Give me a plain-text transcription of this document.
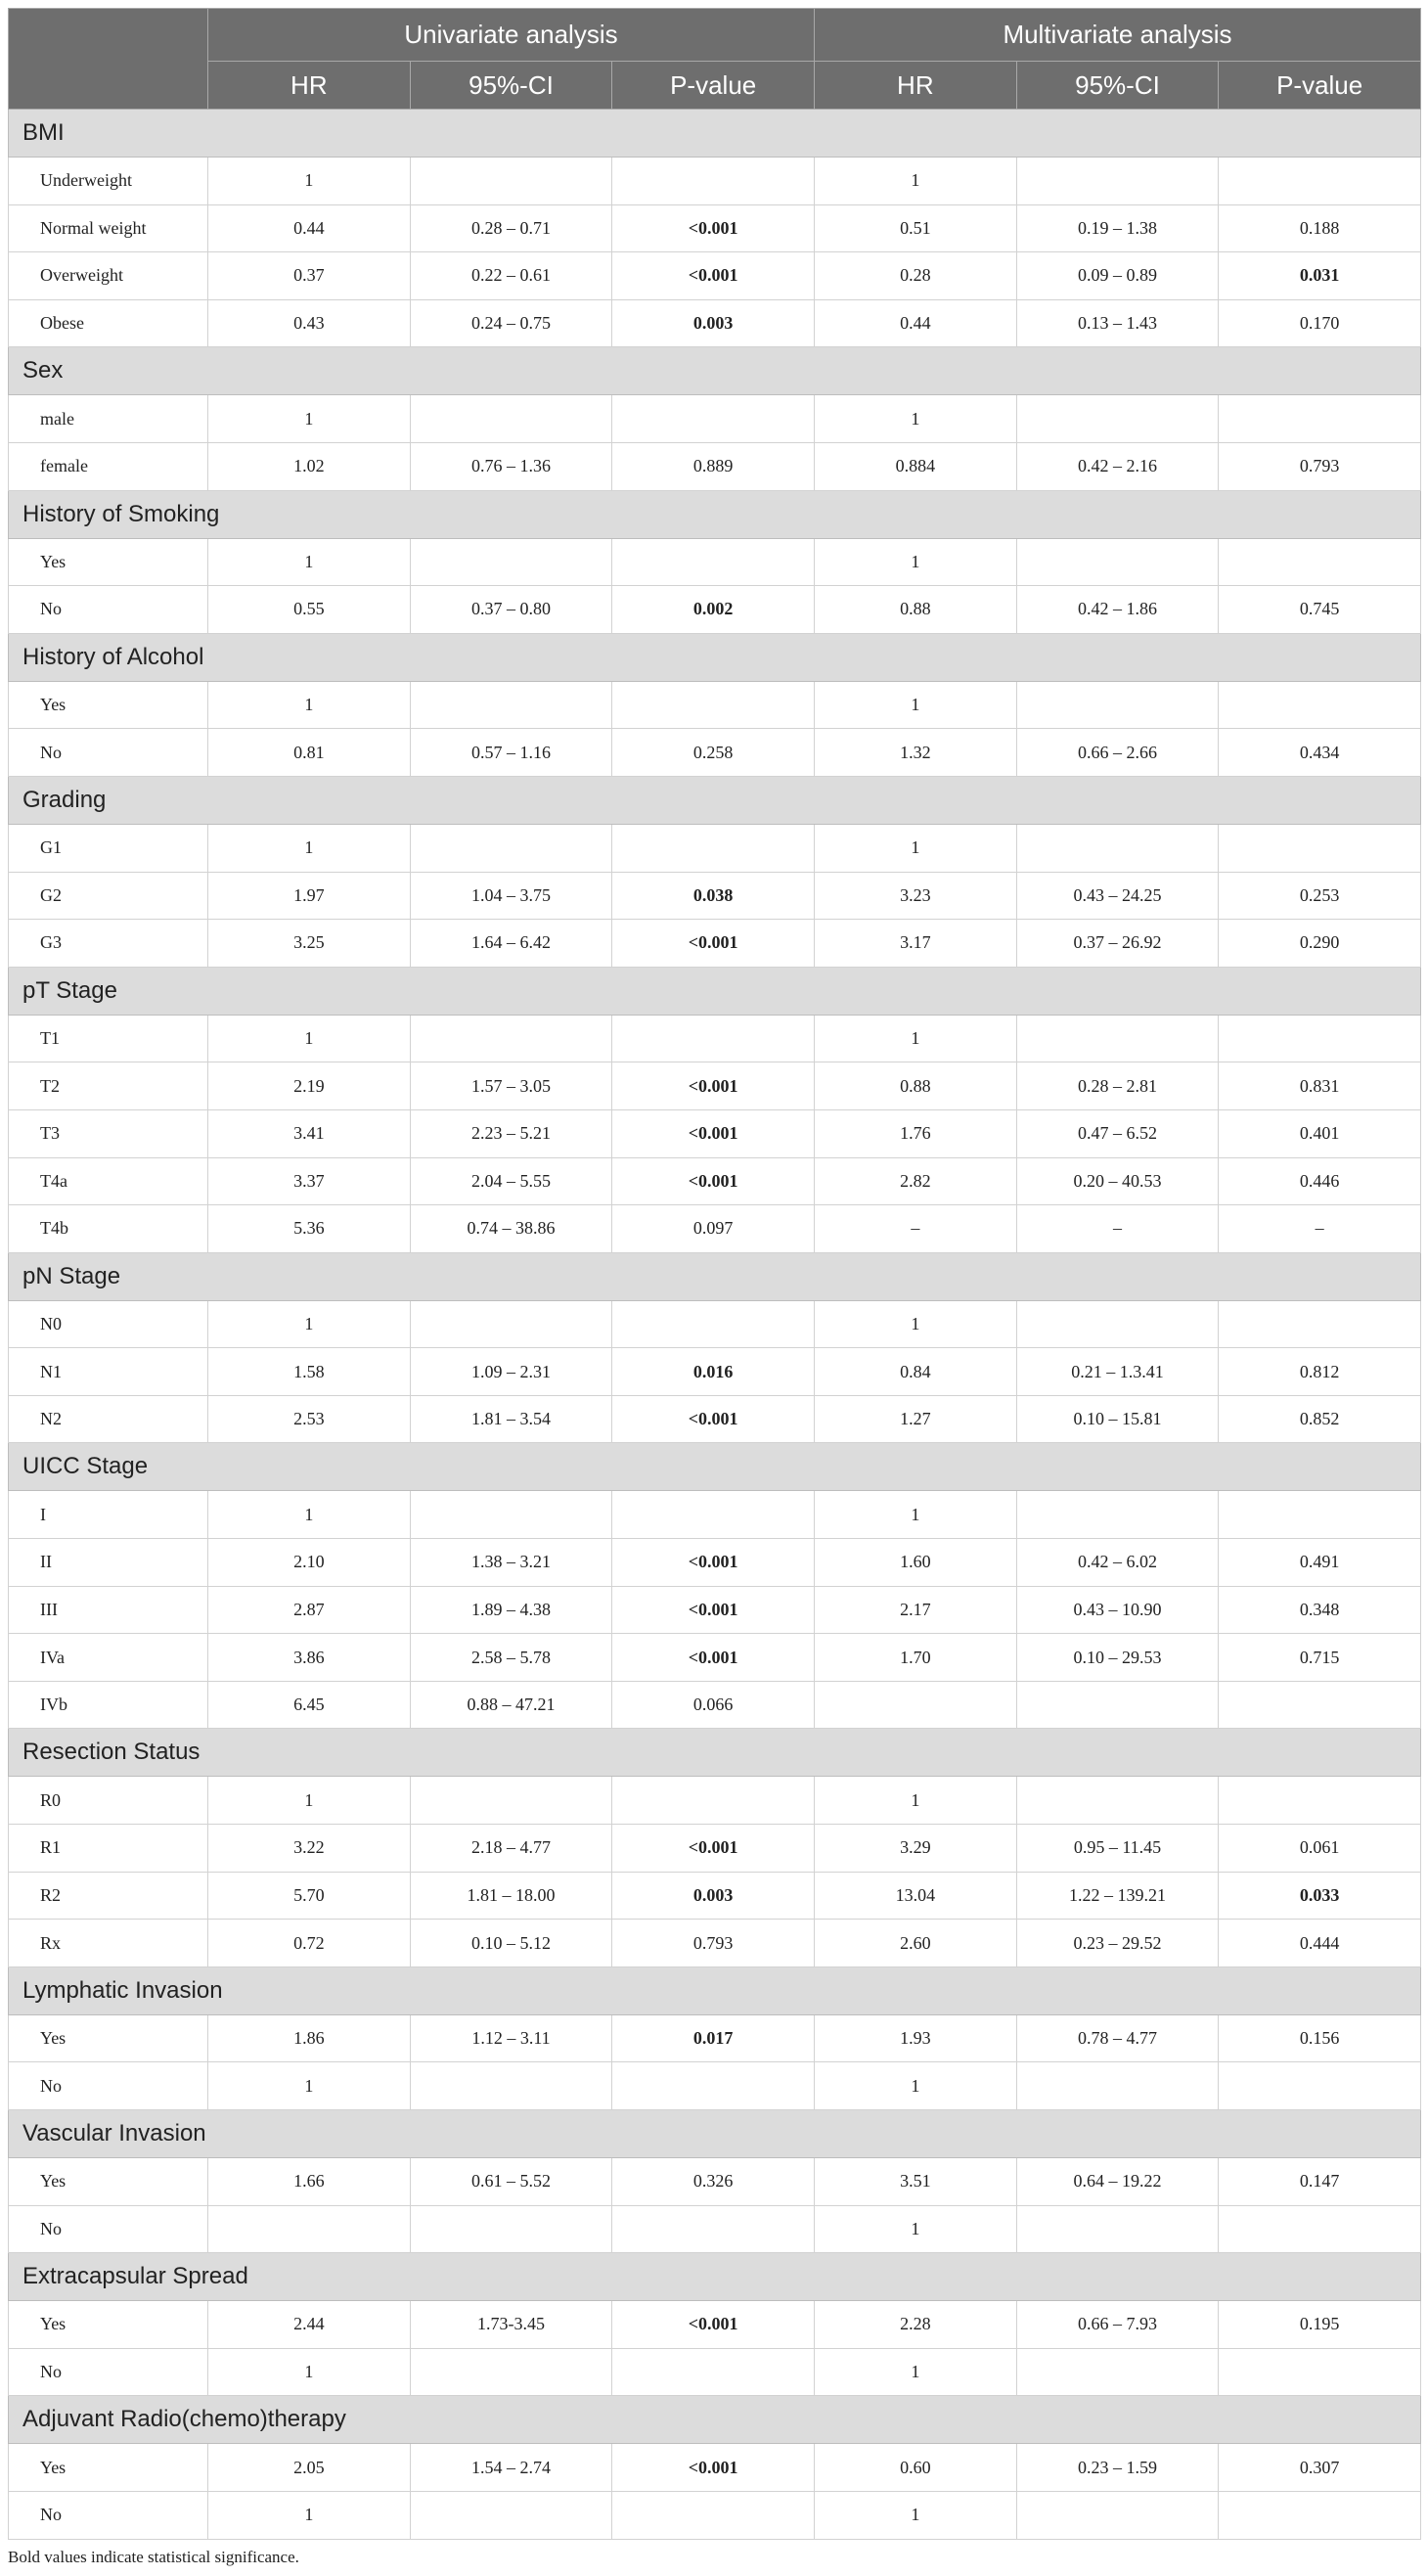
	Univariate analysis			Multivariate analysis		
	HR	95%-CI	P-value	HR	95%-CI	P-value
BMI						
Underweight	1			1		
Normal weight	0.44	0.28 – 0.71	<0.001	0.51	0.19 – 1.38	0.188
Overweight	0.37	0.22 – 0.61	<0.001	0.28	0.09 – 0.89	0.031
Obese	0.43	0.24 – 0.75	0.003	0.44	0.13 – 1.43	0.170
Sex						
male	1			1		
female	1.02	0.76 – 1.36	0.889	0.884	0.42 – 2.16	0.793
History of Smoking						
Yes	1			1		
No	0.55	0.37 – 0.80	0.002	0.88	0.42 – 1.86	0.745
History of Alcohol						
Yes	1			1		
No	0.81	0.57 – 1.16	0.258	1.32	0.66 – 2.66	0.434
Grading						
G1	1			1		
G2	1.97	1.04 – 3.75	0.038	3.23	0.43 – 24.25	0.253
G3	3.25	1.64 – 6.42	<0.001	3.17	0.37 – 26.92	0.290
pT Stage						
T1	1			1		
T2	2.19	1.57 – 3.05	<0.001	0.88	0.28 – 2.81	0.831
T3	3.41	2.23 – 5.21	<0.001	1.76	0.47 – 6.52	0.401
T4a	3.37	2.04 – 5.55	<0.001	2.82	0.20 – 40.53	0.446
T4b	5.36	0.74 – 38.86	0.097	–	–	–
pN Stage						
N0	1			1		
N1	1.58	1.09 – 2.31	0.016	0.84	0.21 – 1.3.41	0.812
N2	2.53	1.81 – 3.54	<0.001	1.27	0.10 – 15.81	0.852
UICC Stage						
I	1			1		
II	2.10	1.38 – 3.21	<0.001	1.60	0.42 – 6.02	0.491
III	2.87	1.89 – 4.38	<0.001	2.17	0.43 – 10.90	0.348
IVa	3.86	2.58 – 5.78	<0.001	1.70	0.10 – 29.53	0.715
IVb	6.45	0.88 – 47.21	0.066			
Resection Status						
R0	1			1		
R1	3.22	2.18 – 4.77	<0.001	3.29	0.95 – 11.45	0.061
R2	5.70	1.81 – 18.00	0.003	13.04	1.22 – 139.21	0.033
Rx	0.72	0.10 – 5.12	0.793	2.60	0.23 – 29.52	0.444
Lymphatic Invasion						
Yes	1.86	1.12 – 3.11	0.017	1.93	0.78 – 4.77	0.156
No	1			1		
Vascular Invasion						
Yes	1.66	0.61 – 5.52	0.326	3.51	0.64 – 19.22	0.147
No				1		
Extracapsular Spread						
Yes	2.44	1.73-3.45	<0.001	2.28	0.66 – 7.93	0.195
No	1			1		
Adjuvant Radio(chemo)therapy						
Yes	2.05	1.54 – 2.74	<0.001	0.60	0.23 – 1.59	0.307
No	1			1		
Bold values indicate statistical significance.
